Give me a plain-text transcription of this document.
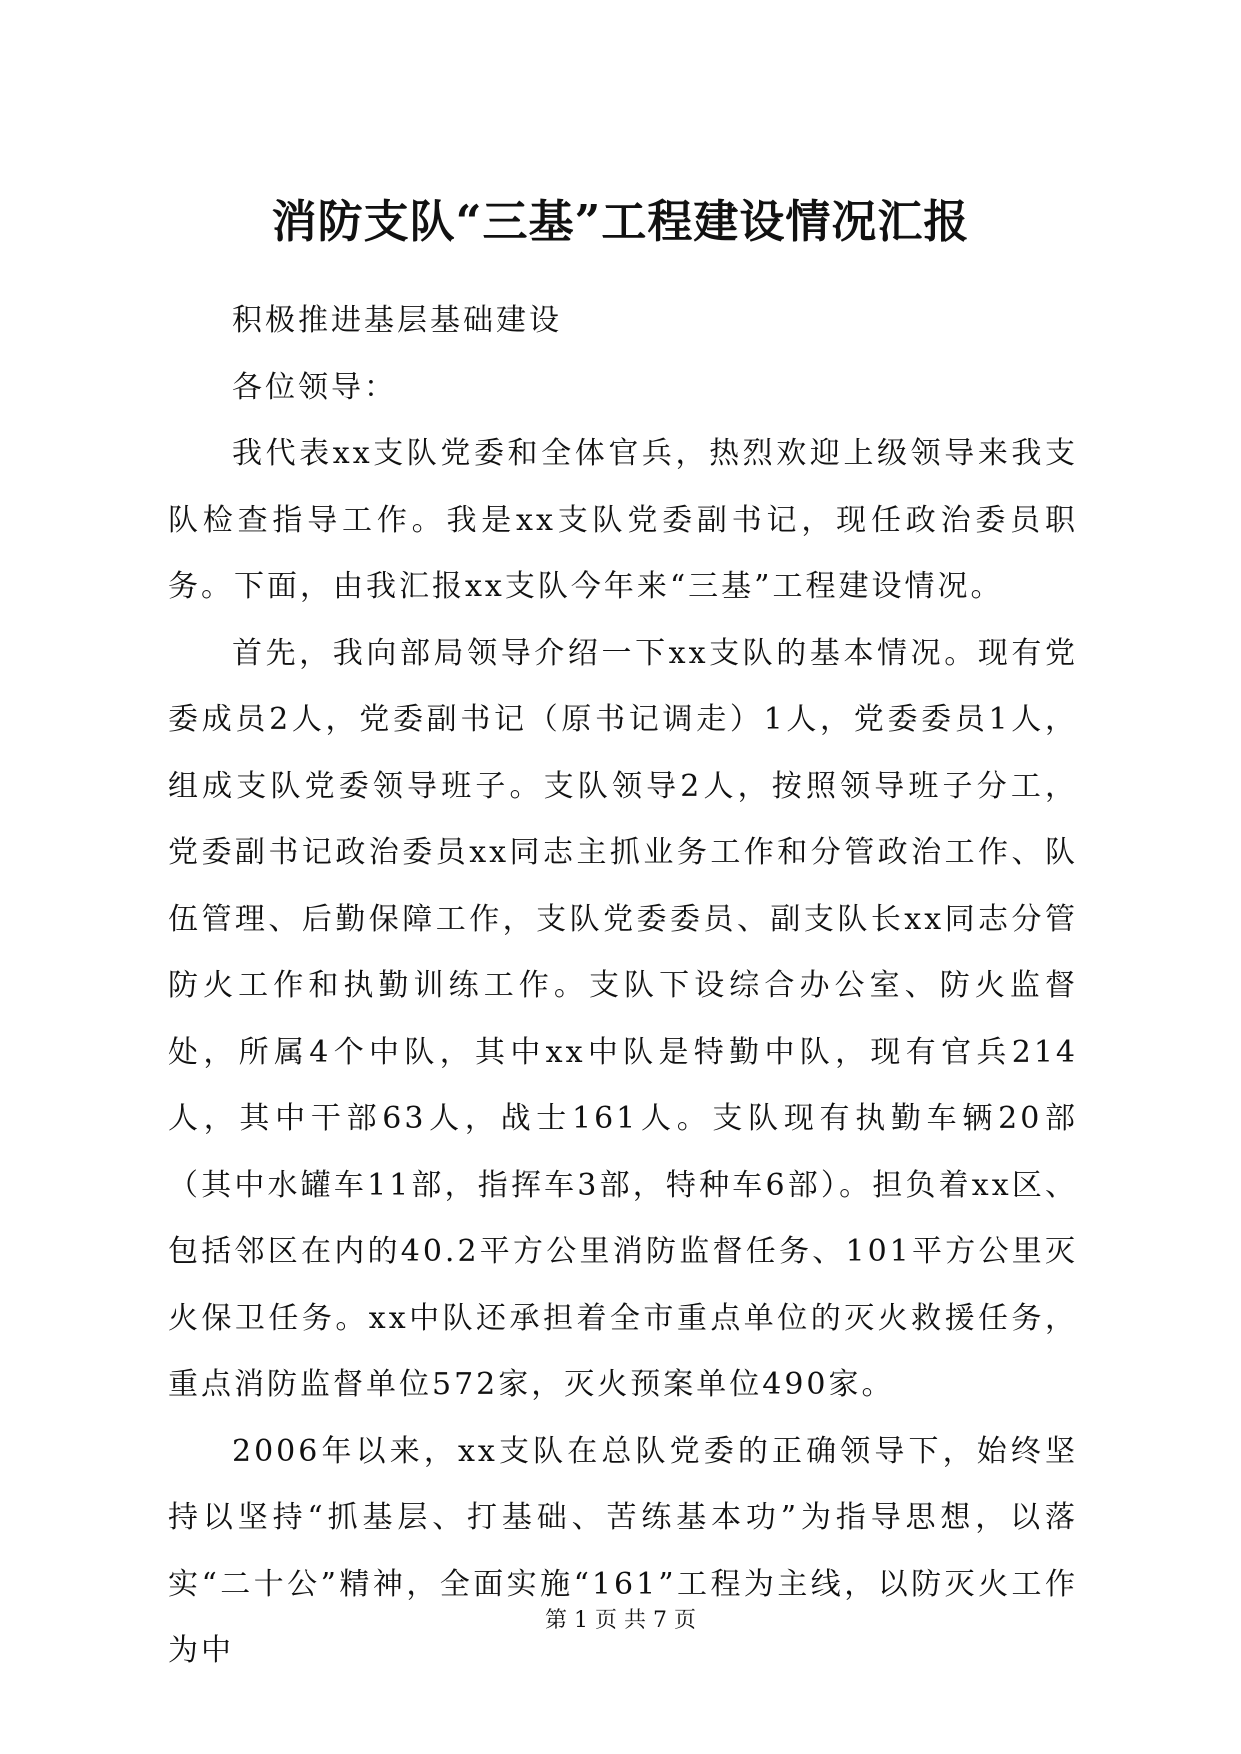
消防支队“三基”工程建设情况汇报

积极推进基层基础建设

各位领导：

我代表xx支队党委和全体官兵，热烈欢迎上级领导来我支队检查指导工作。我是xx支队党委副书记，现任政治委员职务。下面，由我汇报xx支队今年来“三基”工程建设情况。

首先，我向部局领导介绍一下xx支队的基本情况。现有党委成员2人，党委副书记（原书记调走）1人，党委委员1人，组成支队党委领导班子。支队领导2人，按照领导班子分工，党委副书记政治委员xx同志主抓业务工作和分管政治工作、队伍管理、后勤保障工作，支队党委委员、副支队长xx同志分管防火工作和执勤训练工作。支队下设综合办公室、防火监督处，所属4个中队，其中xx中队是特勤中队，现有官兵214人，其中干部63人，战士161人。支队现有执勤车辆20部（其中水罐车11部，指挥车3部，特种车6部）。担负着xx区、包括邻区在内的40.2平方公里消防监督任务、101平方公里灭火保卫任务。xx中队还承担着全市重点单位的灭火救援任务，重点消防监督单位572家，灭火预案单位490家。

2006年以来，xx支队在总队党委的正确领导下，始终坚持以坚持“抓基层、打基础、苦练基本功”为指导思想，以落实“二十公”精神，全面实施“161”工程为主线，以防灭火工作为中

第 1 页 共 7 页
